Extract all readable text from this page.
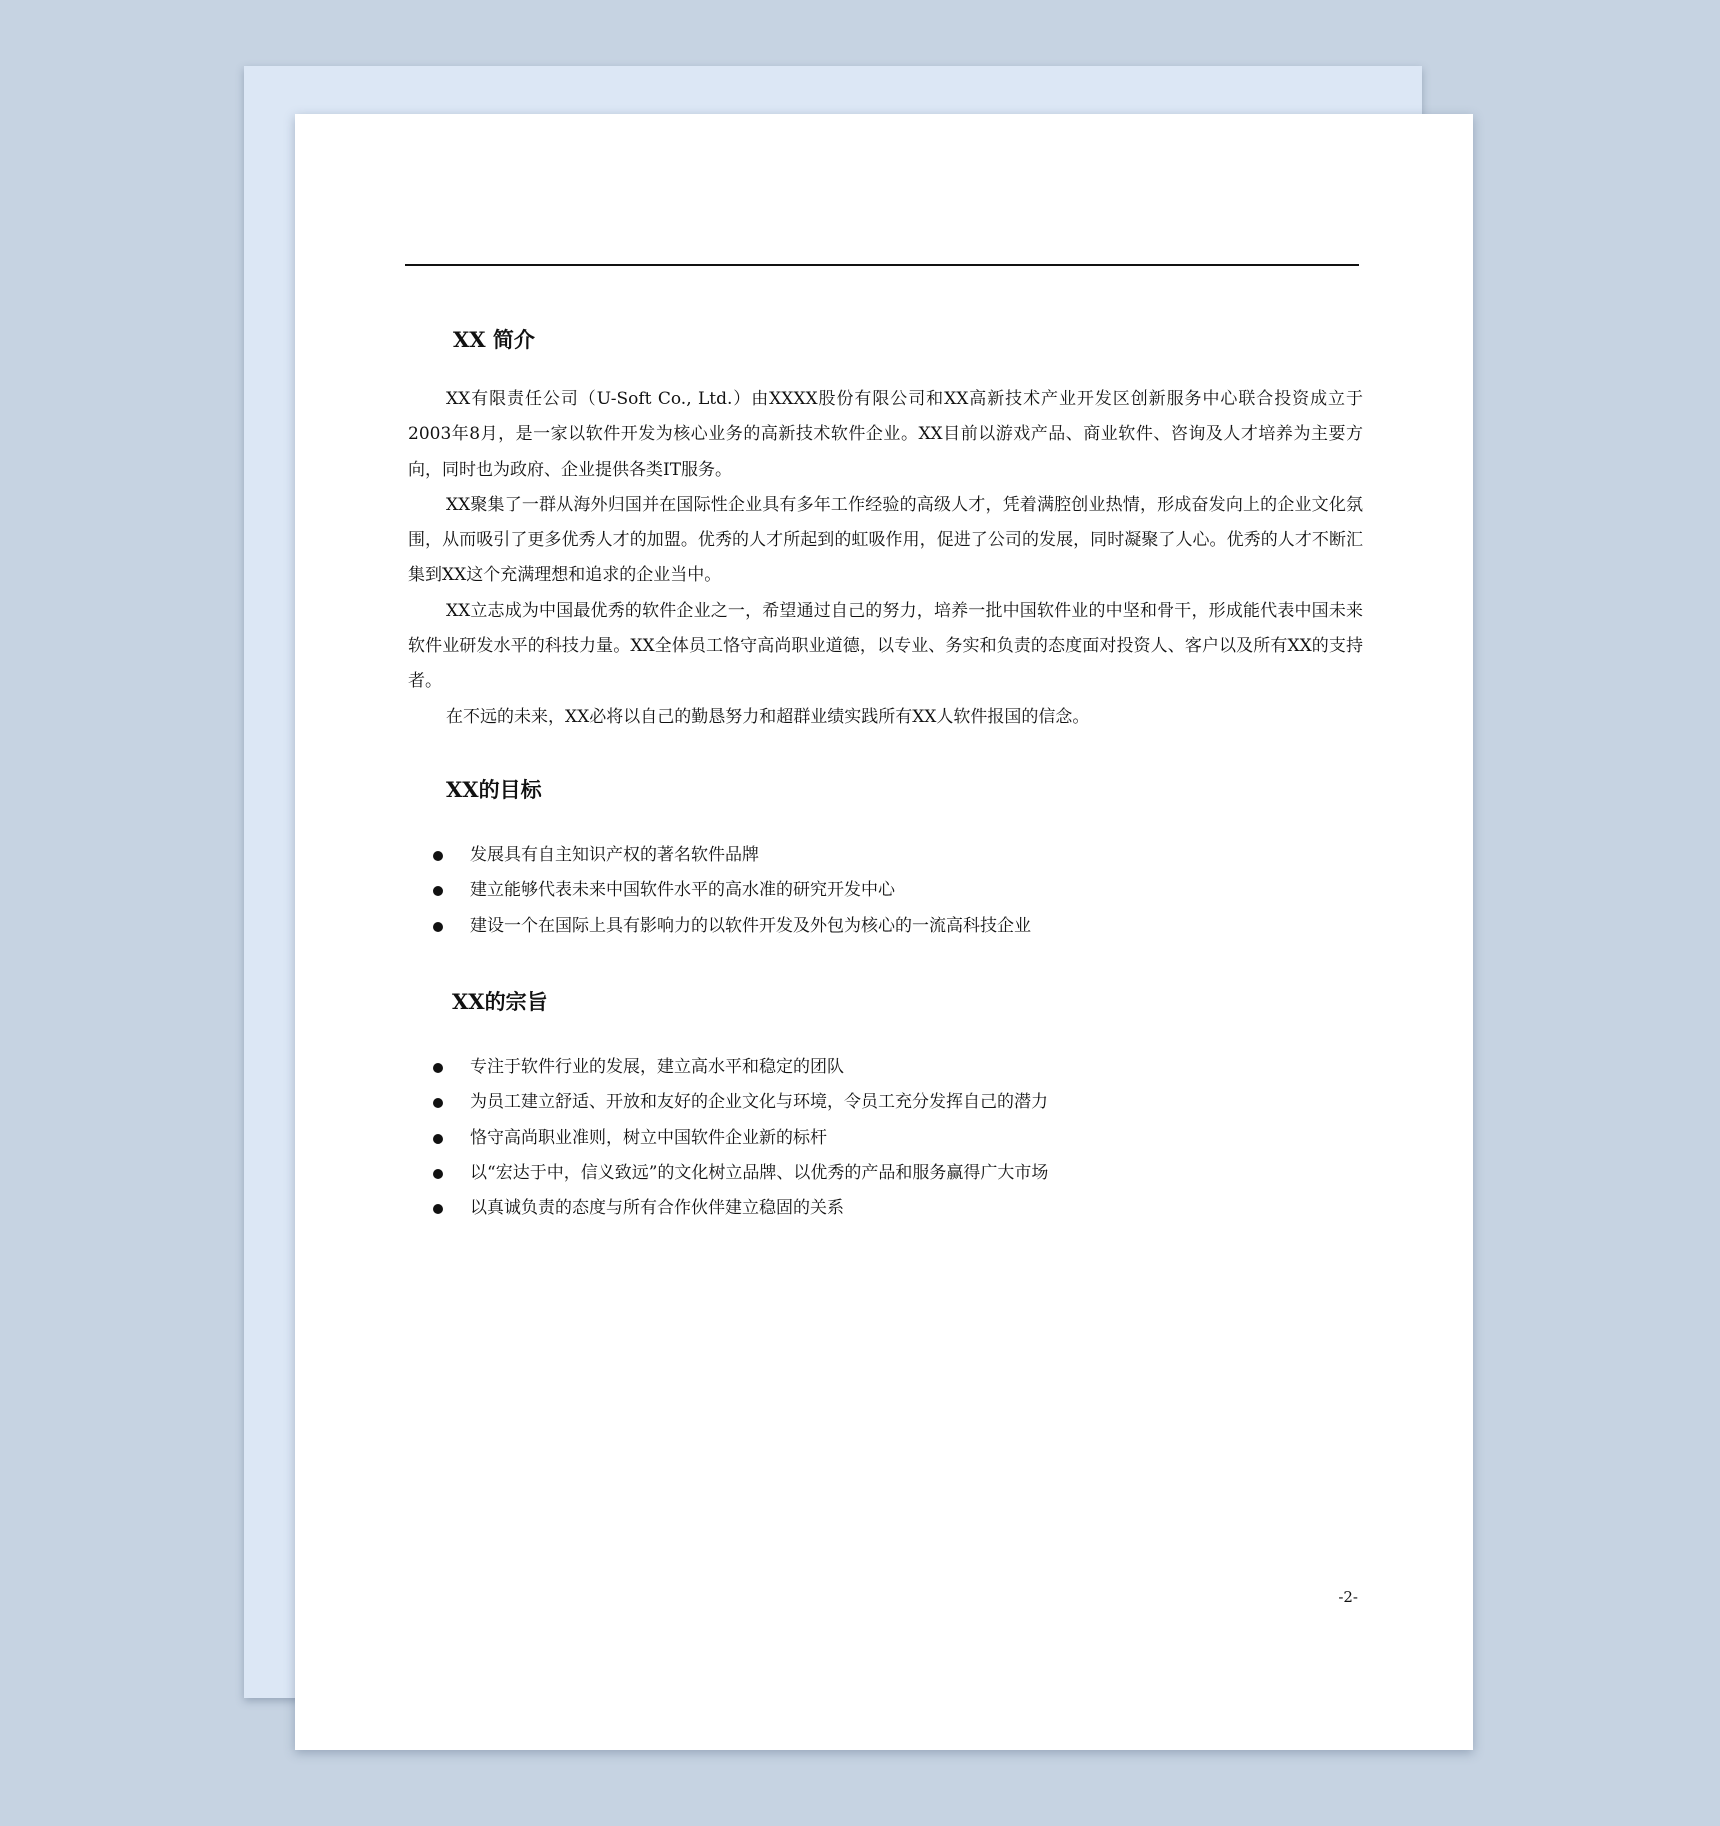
XX 简介

XX有限责任公司（U-Soft Co., Ltd.）由XXXX股份有限公司和XX高新技术产业开发区创新服务中心联合投资成立于2003年8月，是一家以软件开发为核心业务的高新技术软件企业。XX目前以游戏产品、商业软件、咨询及人才培养为主要方向，同时也为政府、企业提供各类IT服务。

XX聚集了一群从海外归国并在国际性企业具有多年工作经验的高级人才，凭着满腔创业热情，形成奋发向上的企业文化氛围，从而吸引了更多优秀人才的加盟。优秀的人才所起到的虹吸作用，促进了公司的发展，同时凝聚了人心。优秀的人才不断汇集到XX这个充满理想和追求的企业当中。

XX立志成为中国最优秀的软件企业之一，希望通过自己的努力，培养一批中国软件业的中坚和骨干，形成能代表中国未来软件业研发水平的科技力量。XX全体员工恪守高尚职业道德，以专业、务实和负责的态度面对投资人、客户以及所有XX的支持者。

在不远的未来，XX必将以自己的勤恳努力和超群业绩实践所有XX人软件报国的信念。

XX的目标
发展具有自主知识产权的著名软件品牌
建立能够代表未来中国软件水平的高水准的研究开发中心
建设一个在国际上具有影响力的以软件开发及外包为核心的一流高科技企业
XX的宗旨
专注于软件行业的发展，建立高水平和稳定的团队
为员工建立舒适、开放和友好的企业文化与环境，令员工充分发挥自己的潜力
恪守高尚职业准则，树立中国软件企业新的标杆
以“宏达于中，信义致远”的文化树立品牌、以优秀的产品和服务赢得广大市场
以真诚负责的态度与所有合作伙伴建立稳固的关系
-2-
